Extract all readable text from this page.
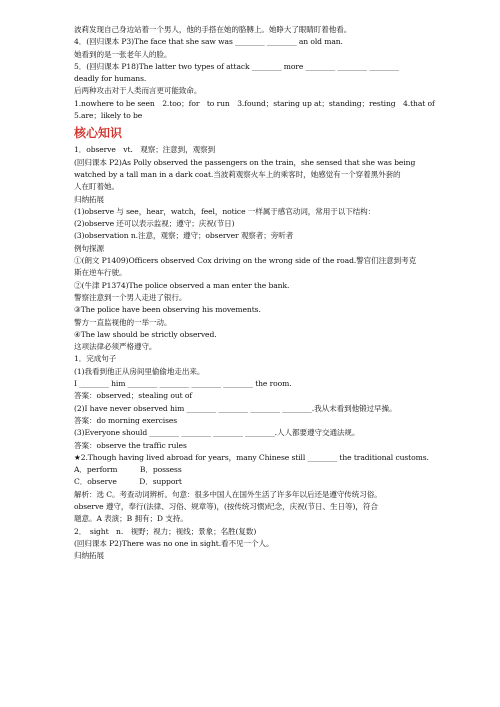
波莉发现自己身边站着一个男人，他的手搭在她的胳膊上。她睁大了眼睛盯着他看。
4．(回归课本 P3)The face that she saw was ________ ________ an old man.
她看到的是一张老年人的脸。
5．(回归课本 P18)The latter two types of attack ________ more ________ ________ ________
deadly for humans.
后两种攻击对于人类而言更可能致命。
1.nowhere to be seen　2.too；for　to run　3.found；staring up at；standing；resting　4.that of
5.are；likely to be
核心知识
1．observe　vt.　观察；注意到，观察到
(回归课本 P2)As Polly observed the passengers on the train，she sensed that she was being
watched by a tall man in a dark coat.当波莉观察火车上的乘客时，她感觉有一个穿着黑外套的
人在盯着她。
归纳拓展
(1)observe 与 see，hear，watch，feel，notice 一样属于感官动词，常用于以下结构：
(2)observe 还可以表示监视；遵守；庆祝(节日)
(3)observation n.注意，观察；遵守；observer 观察者；旁听者
例句探源
①(朗文 P1409)Officers observed Cox driving on the wrong side of the road.警官们注意到考克
斯在逆车行驶。
②(牛津 P1374)The police observed a man enter the bank.
警察注意到一个男人走进了银行。
③The police have been observing his movements.
警方一直监视他的一举一动。
④The law should be strictly observed.
这项法律必须严格遵守。
1．完成句子
(1)我看到他正从房间里偷偷地走出来。
I ________ him ________ ________ ________ ________ the room.
答案：observed；stealing out of
(2)I have never observed him ________ ________ ________ ________.我从未看到他锻过早操。
答案：do morning exercises
(3)Everyone should ________ ________ ________ ________.人人都要遵守交通法规。
答案：observe the traffic rules
★2.Though having lived abroad for years，many Chinese still ________ the traditional customs.
A．perform　　　B．possess
C．observe　　　D．support
解析：选 C。考查动词辨析。句意：很多中国人在国外生活了许多年以后还是遵守传统习俗。
observe 遵守，奉行(法律、习俗、规章等)，(按传统习惯)纪念，庆祝(节日、生日等)，符合
题意。A 表演；B 拥有；D 支持。
2．　sight　n.　视野；视力；视线；景象；名胜(复数)
(回归课本 P2)There was no one in sight.看不见一个人。
归纳拓展
